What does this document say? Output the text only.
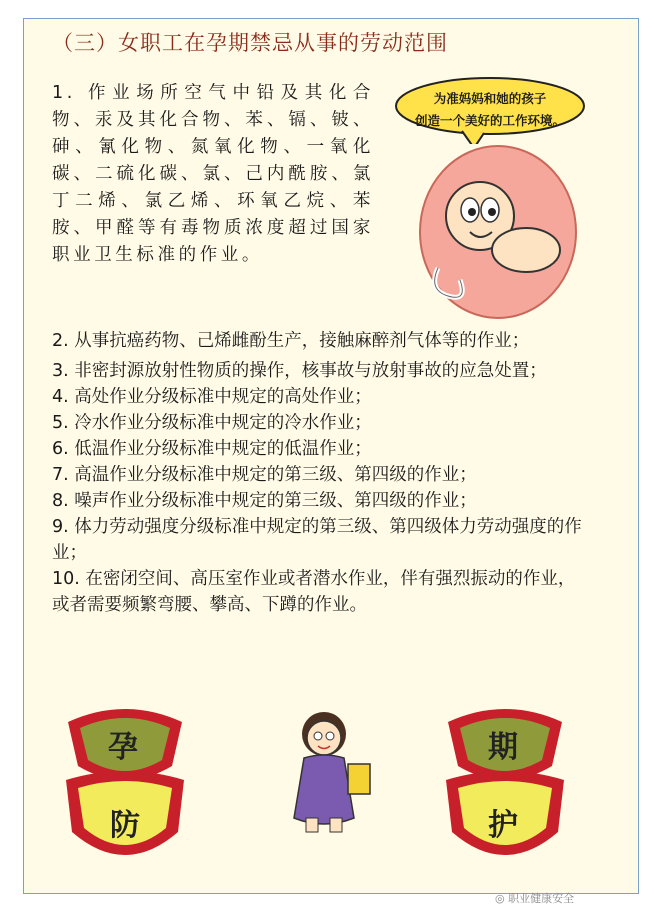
（三）女职工在孕期禁忌从事的劳动范围

1. 作业场所空气中铅及其化合物、汞及其化合物、苯、镉、铍、砷、氰化物、氮氧化物、一氧化碳、二硫化碳、氯、己内酰胺、氯丁二烯、氯乙烯、环氧乙烷、苯胺、甲醛等有毒物质浓度超过国家职业卫生标准的作业。

为准妈妈和她的孩子
创造一个美好的工作环境。
2. 从事抗癌药物、己烯雌酚生产，接触麻醉剂气体等的作业；
3. 非密封源放射性物质的操作，核事故与放射事故的应急处置；
4. 高处作业分级标准中规定的高处作业；
5. 冷水作业分级标准中规定的冷水作业；
6. 低温作业分级标准中规定的低温作业；
7. 高温作业分级标准中规定的第三级、第四级的作业；
8. 噪声作业分级标准中规定的第三级、第四级的作业；
9. 体力劳动强度分级标准中规定的第三级、第四级体力劳动强度的作业；
10. 在密闭空间、高压室作业或者潜水作业，伴有强烈振动的作业，或者需要频繁弯腰、攀高、下蹲的作业。
孕
防
期
护
◎ 职业健康安全
